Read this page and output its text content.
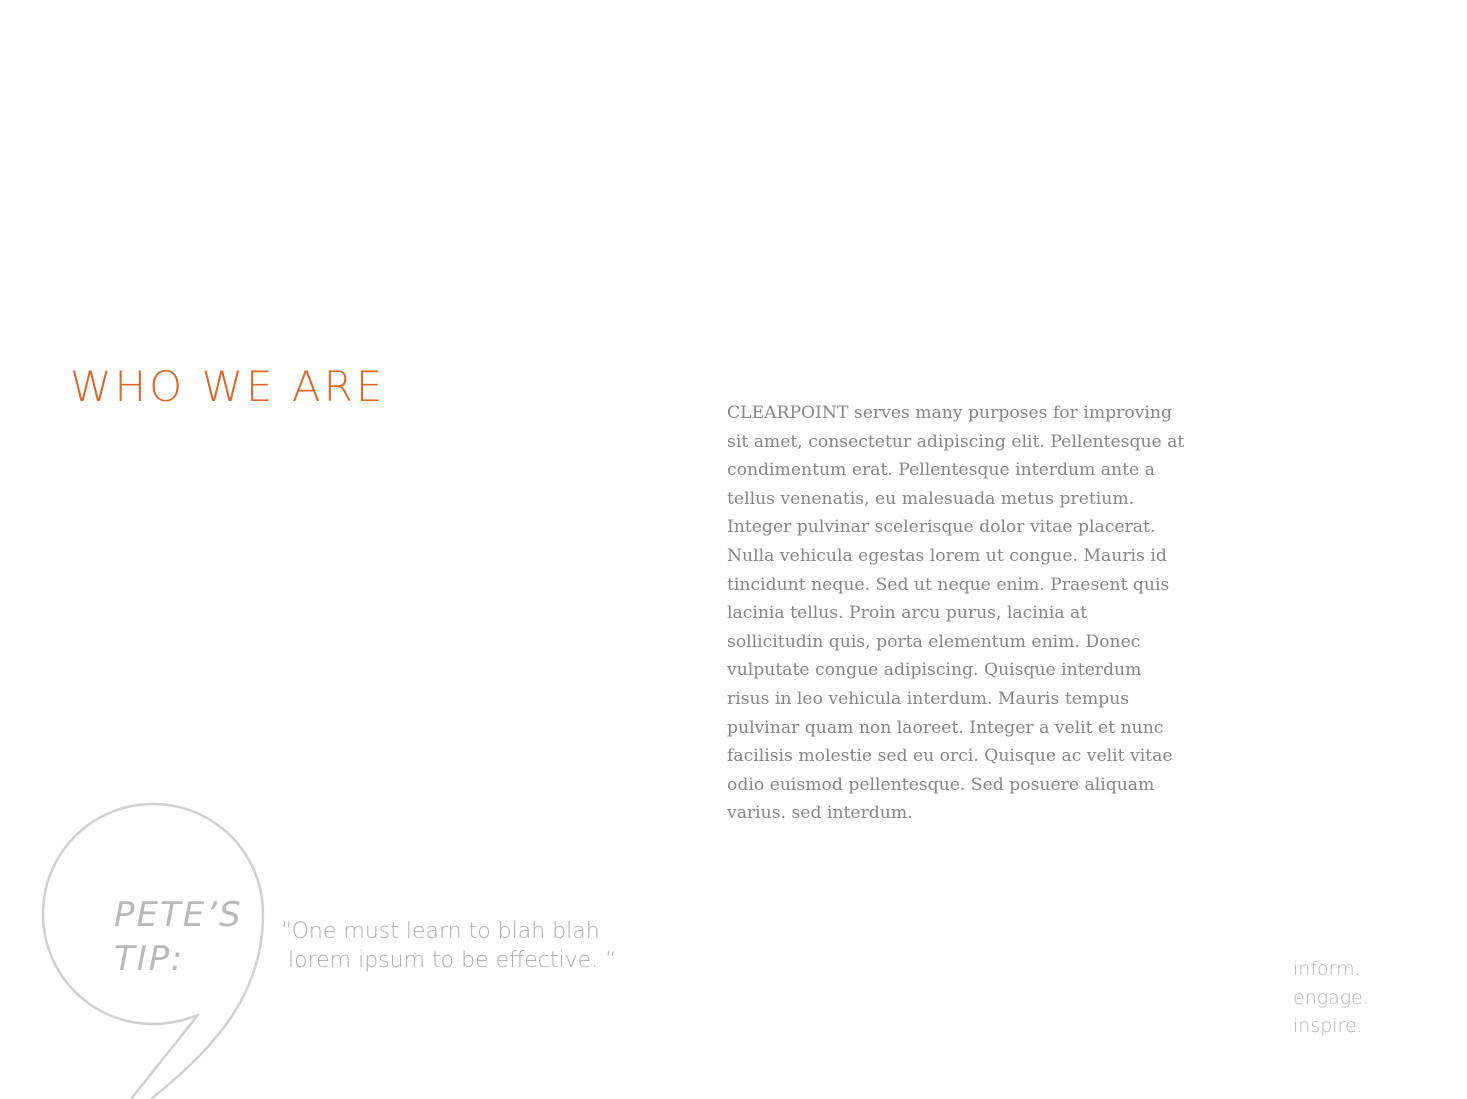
WHO WE ARE
CLEARPOINT serves many purposes for improving
sit amet, consectetur adipiscing elit. Pellentesque at
condimentum erat. Pellentesque interdum ante a
tellus venenatis, eu malesuada metus pretium.
Integer pulvinar scelerisque dolor vitae placerat.
Nulla vehicula egestas lorem ut congue. Mauris id
tincidunt neque. Sed ut neque enim. Praesent quis
lacinia tellus. Proin arcu purus, lacinia at
sollicitudin quis, porta elementum enim. Donec
vulputate congue adipiscing. Quisque interdum
risus in leo vehicula interdum. Mauris tempus
pulvinar quam non laoreet. Integer a velit et nunc
facilisis molestie sed eu orci. Quisque ac velit vitae
odio euismod pellentesque. Sed posuere aliquam
varius. sed interdum.
PETE’S
TIP:
“One must learn to blah blah
lorem ipsum to be effective. “	inform.
engage.
inspire.
